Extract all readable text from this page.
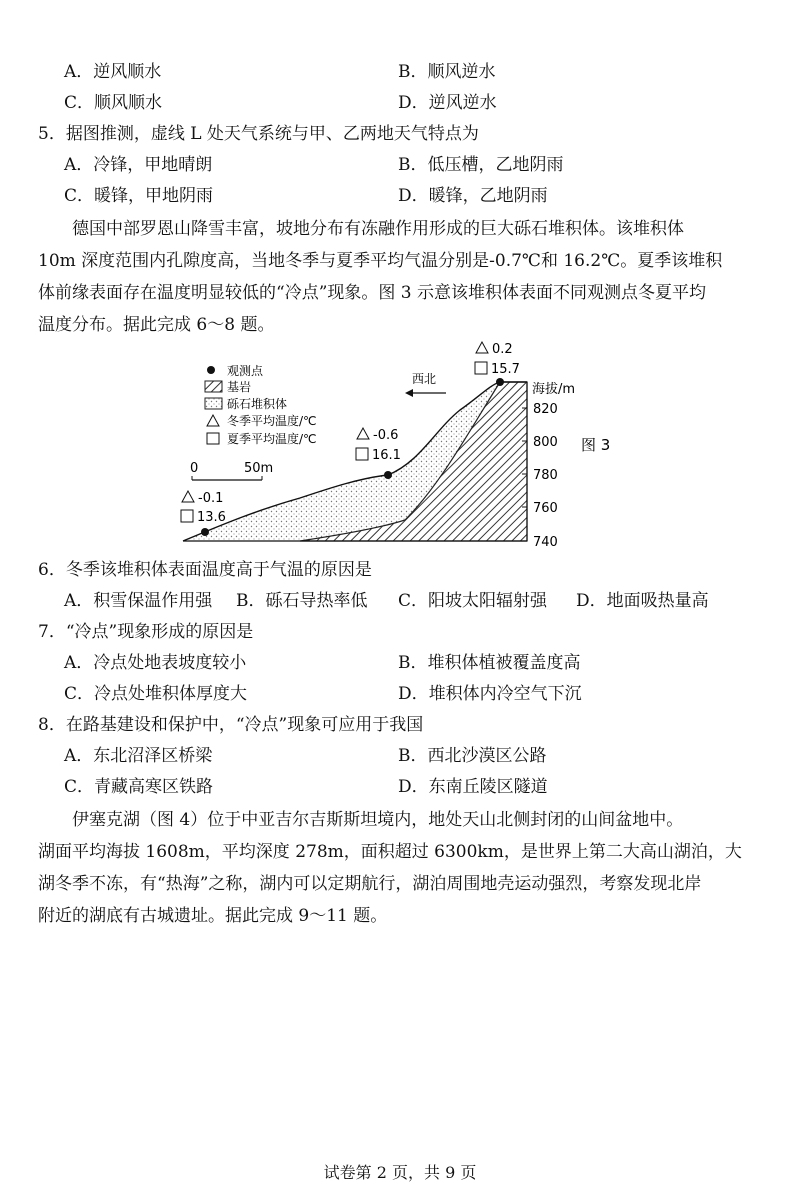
A．逆风顺水	B．顺风逆水
C．顺风顺水	D．逆风逆水
5．据图推测，虚线 L 处天气系统与甲、乙两地天气特点为
A．冷锋，甲地晴朗	B．低压槽，乙地阴雨
C．暖锋，甲地阴雨	D．暖锋，乙地阴雨
德国中部罗恩山降雪丰富，坡地分布有冻融作用形成的巨大砾石堆积体。该堆积体
10m 深度范围内孔隙度高，当地冬季与夏季平均气温分别是-0.7℃和 16.2℃。夏季该堆积
体前缘表面存在温度明显较低的“冷点”现象。图 3 示意该堆积体表面不同观测点冬夏平均
温度分布。据此完成 6～8 题。
海拔/m
820
800
780
760
740
图 3
观测点
基岩
砾石堆积体
冬季平均温度/℃
夏季平均温度/℃
0	50m
西北
-0.1
13.6
-0.6
16.1
0.2
15.7
6．冬季该堆积体表面温度高于气温的原因是
A．积雪保温作用强 B．砾石导热率低 C．阳坡太阳辐射强 D．地面吸热量高
7．“冷点”现象形成的原因是
A．冷点处地表坡度较小	B．堆积体植被覆盖度高
C．冷点处堆积体厚度大	D．堆积体内冷空气下沉
8．在路基建设和保护中，“冷点”现象可应用于我国
A．东北沼泽区桥梁	B．西北沙漠区公路
C．青藏高寒区铁路	D．东南丘陵区隧道
伊塞克湖（图 4）位于中亚吉尔吉斯斯坦境内，地处天山北侧封闭的山间盆地中。
湖面平均海拔 1608m，平均深度 278m，面积超过 6300km，是世界上第二大高山湖泊，大
湖冬季不冻，有“热海”之称，湖内可以定期航行，湖泊周围地壳运动强烈，考察发现北岸
附近的湖底有古城遗址。据此完成 9～11 题。
试卷第 2 页，共 9 页
